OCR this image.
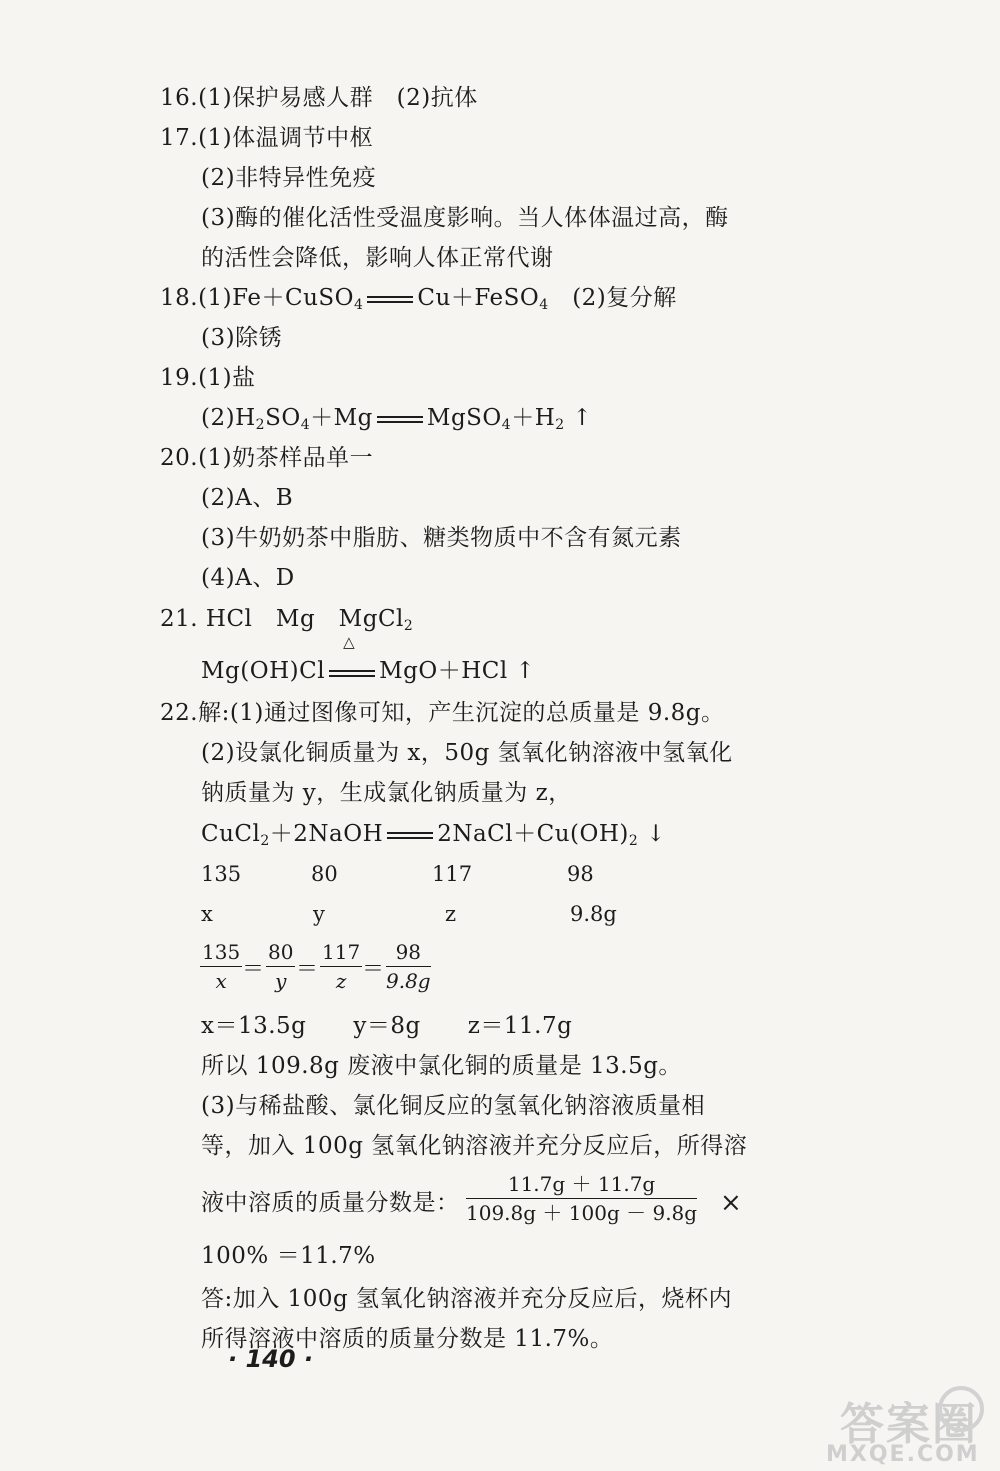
16.(1)保护易感人群　(2)抗体
17.(1)体温调节中枢
(2)非特异性免疫
(3)酶的催化活性受温度影响。当人体体温过高，酶
的活性会降低，影响人体正常代谢
18.(1)Fe＋CuSO$_4$ Cu＋FeSO$_4$　(2)复分解
(3)除锈
19.(1)盐
$(2)H_2SO_4+Mg$ $MgSO_4+H_2$ ↑
20.(1)奶茶样品单一
(2)A、B
(3)牛奶奶茶中脂肪、糖类物质中不含有氮元素
(4)A、D
21. HCl　Mg　MgCl$_2$
Mg(OH)Cl
△
MgO＋HCl ↑
22.解:(1)通过图像可知，产生沉淀的总质量是 9.8g。
(2)设氯化铜质量为 x，50g 氢氧化钠溶液中氢氧化
钠质量为 y，生成氯化钠质量为 z，
CuCl$_2$＋2NaOH $2NaCl+Cu(OH)_2$ ↓
135	80	117	98
x	y	z	9.8g
$\frac{135}{x} = \frac{80}{y} = \frac{117}{z} = \frac{98}{9.8g}$
x＝13.5g　　y＝8g　　z＝11.7g
所以 109.8g 废液中氯化铜的质量是 13.5g。
(3)与稀盐酸、氯化铜反应的氢氧化钠溶液质量相
等，加入 100g 氢氧化钠溶液并充分反应后，所得溶
液中溶质的质量分数是： $\frac{11.7g + 11.7g}{109.8g + 100g - 9.8g}$ ×
100% ＝11.7%
答:加入 100g 氢氧化钠溶液并充分反应后，烧杯内
所得溶液中溶质的质量分数是 11.7%。
· 140 ·
答案圈
MXQE.COM
